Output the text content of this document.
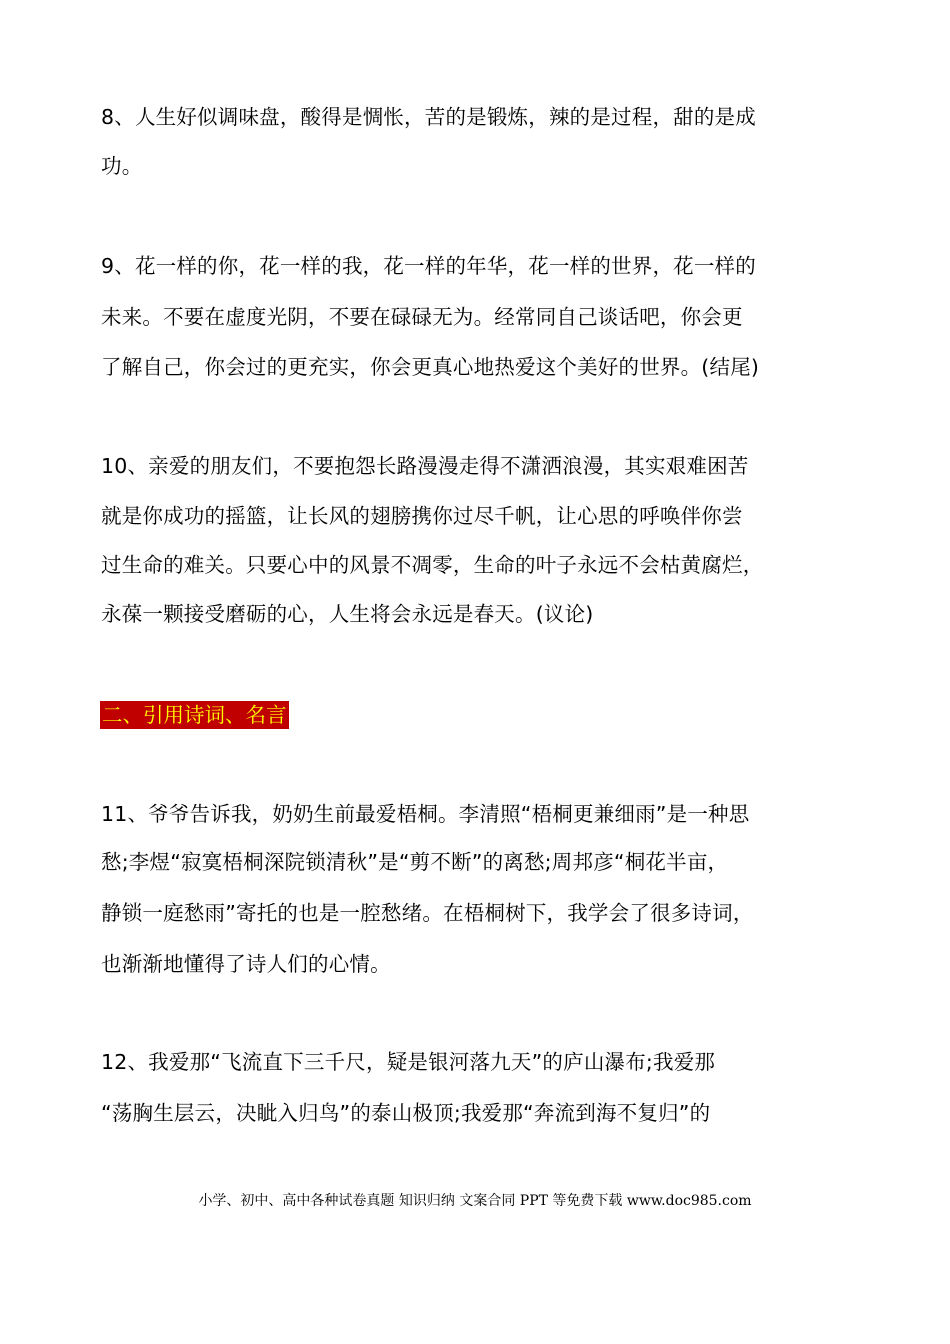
8、人生好似调味盘，酸得是惆怅，苦的是锻炼，辣的是过程，甜的是成
功。
9、花一样的你，花一样的我，花一样的年华，花一样的世界，花一样的
未来。不要在虚度光阴，不要在碌碌无为。经常同自己谈话吧，你会更
了解自己，你会过的更充实，你会更真心地热爱这个美好的世界。(结尾)
10、亲爱的朋友们，不要抱怨长路漫漫走得不潇洒浪漫，其实艰难困苦
就是你成功的摇篮，让长风的翅膀携你过尽千帆，让心思的呼唤伴你尝
过生命的难关。只要心中的风景不凋零，生命的叶子永远不会枯黄腐烂，
永葆一颗接受磨砺的心，人生将会永远是春天。(议论)
二、引用诗词、名言
11、爷爷告诉我，奶奶生前最爱梧桐。李清照“梧桐更兼细雨”是一种思
愁;李煜“寂寞梧桐深院锁清秋”是“剪不断”的离愁;周邦彦“桐花半亩，
静锁一庭愁雨”寄托的也是一腔愁绪。在梧桐树下，我学会了很多诗词，
也渐渐地懂得了诗人们的心情。
12、我爱那“飞流直下三千尺，疑是银河落九天”的庐山瀑布;我爱那
“荡胸生层云，决眦入归鸟”的泰山极顶;我爱那“奔流到海不复归”的
小学、初中、高中各种试卷真题 知识归纳 文案合同 PPT 等免费下载 www.doc985.com
